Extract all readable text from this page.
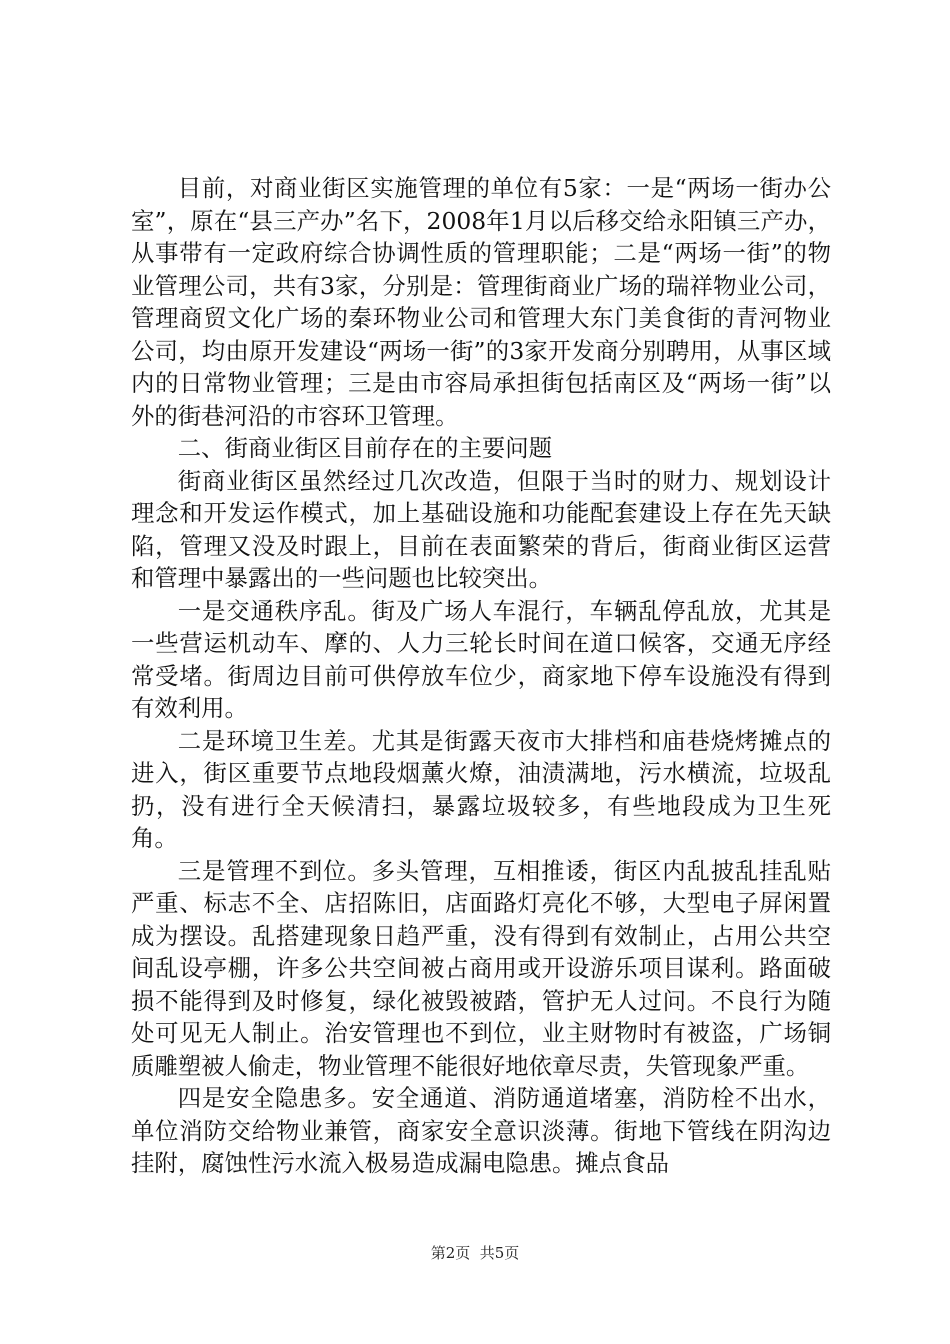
目前，对商业街区实施管理的单位有5家：一是“两场一街办公室”，原在“县三产办”名下，2008年1月以后移交给永阳镇三产办，从事带有一定政府综合协调性质的管理职能；二是“两场一街”的物业管理公司，共有3家，分别是：管理街商业广场的瑞祥物业公司，管理商贸文化广场的秦环物业公司和管理大东门美食街的青河物业公司，均由原开发建设“两场一街”的3家开发商分别聘用，从事区域内的日常物业管理；三是由市容局承担街包括南区及“两场一街”以外的街巷河沿的市容环卫管理。

二、街商业街区目前存在的主要问题

街商业街区虽然经过几次改造，但限于当时的财力、规划设计理念和开发运作模式，加上基础设施和功能配套建设上存在先天缺陷，管理又没及时跟上，目前在表面繁荣的背后，街商业街区运营和管理中暴露出的一些问题也比较突出。

一是交通秩序乱。街及广场人车混行，车辆乱停乱放，尤其是一些营运机动车、摩的、人力三轮长时间在道口候客，交通无序经常受堵。街周边目前可供停放车位少，商家地下停车设施没有得到有效利用。

二是环境卫生差。尤其是街露天夜市大排档和庙巷烧烤摊点的进入，街区重要节点地段烟薰火燎，油渍满地，污水横流，垃圾乱扔，没有进行全天候清扫，暴露垃圾较多，有些地段成为卫生死角。

三是管理不到位。多头管理，互相推诿，街区内乱披乱挂乱贴严重、标志不全、店招陈旧，店面路灯亮化不够，大型电子屏闲置成为摆设。乱搭建现象日趋严重，没有得到有效制止，占用公共空间乱设亭棚，许多公共空间被占商用或开设游乐项目谋利。路面破损不能得到及时修复，绿化被毁被踏，管护无人过问。不良行为随处可见无人制止。治安管理也不到位，业主财物时有被盗，广场铜质雕塑被人偷走，物业管理不能很好地依章尽责，失管现象严重。

四是安全隐患多。安全通道、消防通道堵塞，消防栓不出水，单位消防交给物业兼管，商家安全意识淡薄。街地下管线在阴沟边挂附，腐蚀性污水流入极易造成漏电隐患。摊点食品

第2页  共5页
